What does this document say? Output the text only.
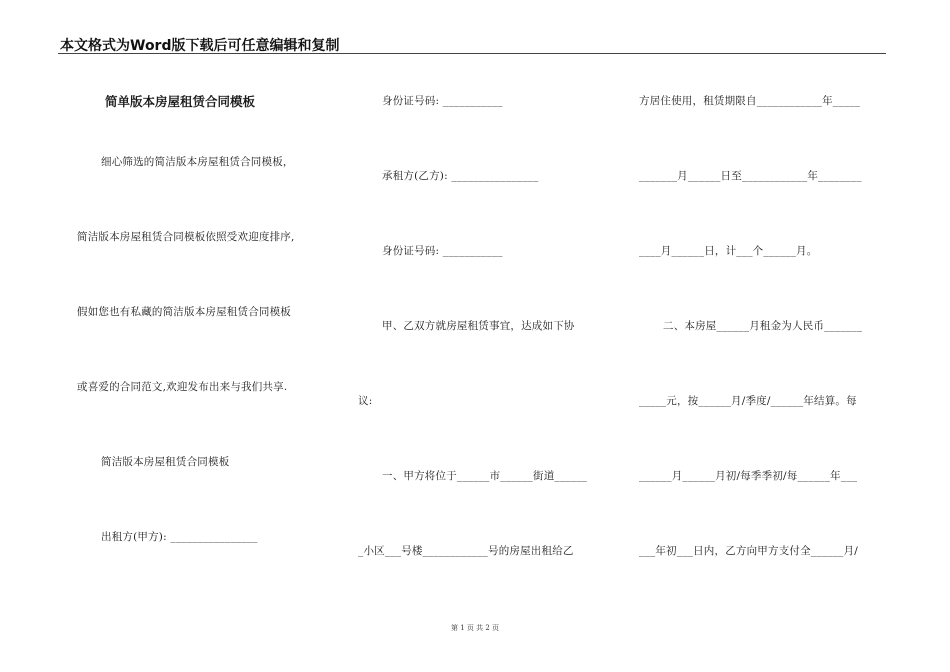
本文格式为Word版下载后可任意编辑和复制
简单版本房屋租赁合同模板
细心筛选的简洁版本房屋租赁合同模板，
简洁版本房屋租赁合同模板依照受欢迎度排序,
假如您也有私藏的简洁版本房屋租赁合同模板
或喜爱的合同范文,欢迎发布出来与我们共享.
简洁版本房屋租赁合同模板
出租方(甲方): ________________
身份证号码: ___________
承租方(乙方): ________________
身份证号码: ___________
甲、乙双方就房屋租赁事宜，达成如下协
议:
一、甲方将位于______市______街道______
_小区___号楼____________号的房屋出租给乙
方居住使用，租赁期限自____________年_____
_______月______日至____________年________
____月______日，计___个______月。
二、本房屋______月租金为人民币_______
_____元，按______月/季度/______年结算。每
______月______月初/每季季初/每______年___
___年初___日内，乙方向甲方支付全______月/
第 1 页 共 2 页
